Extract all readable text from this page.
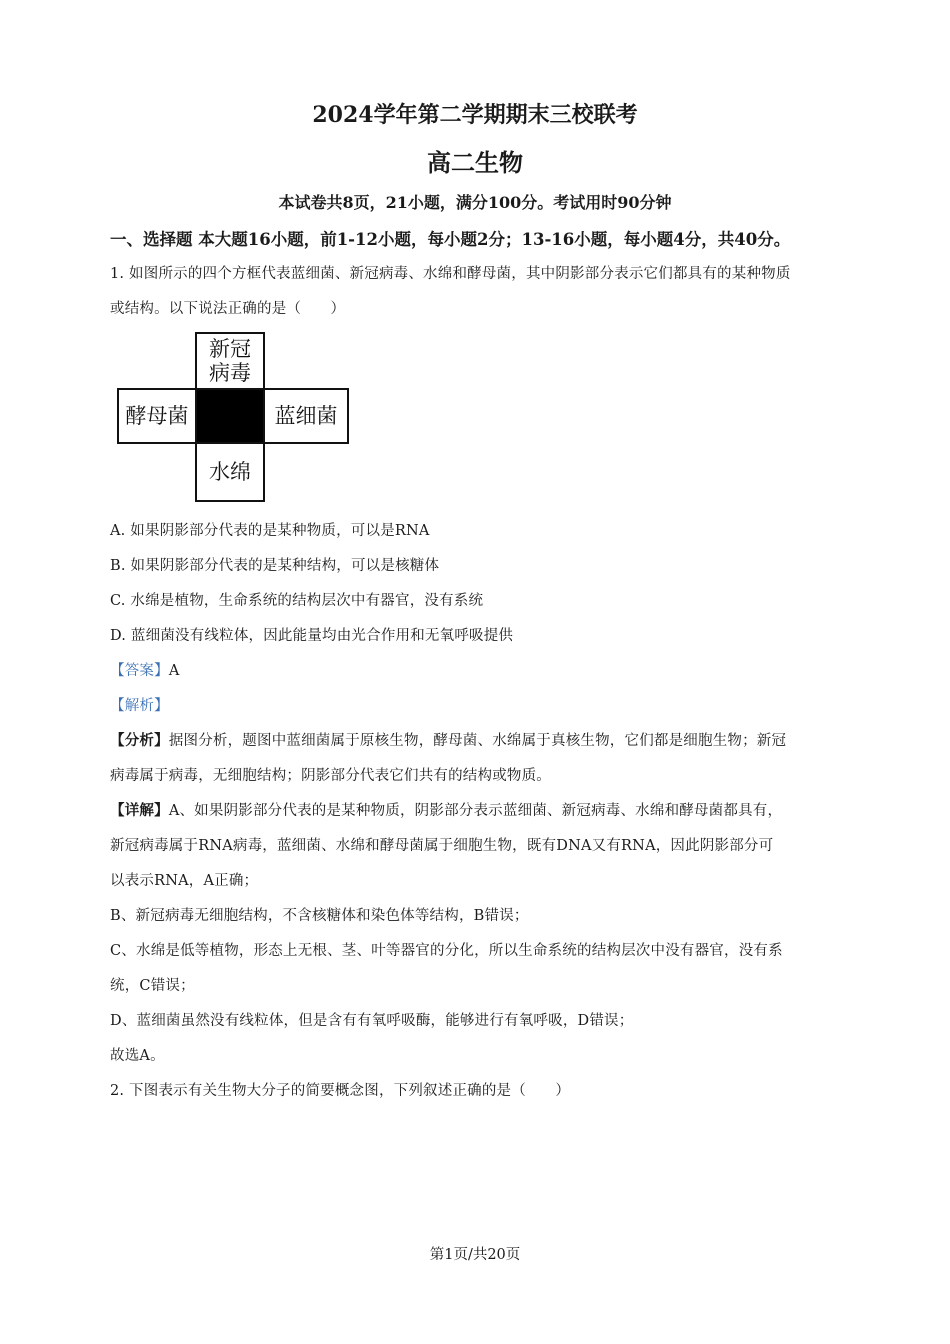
2024学年第二学期期末三校联考
高二生物
本试卷共8页，21小题，满分100分。考试用时90分钟
一、选择题 本大题16小题，前1-12小题，每小题2分；13-16小题，每小题4分，共40分。
1. 如图所示的四个方框代表蓝细菌、新冠病毒、水绵和酵母菌，其中阴影部分表示它们都具有的某种物质
或结构。以下说法正确的是（　　）
新冠
病毒
酵母菌	蓝细菌
水绵
A. 如果阴影部分代表的是某种物质，可以是RNA
B. 如果阴影部分代表的是某种结构，可以是核糖体
C. 水绵是植物，生命系统的结构层次中有器官，没有系统
D. 蓝细菌没有线粒体，因此能量均由光合作用和无氧呼吸提供
【答案】A
【解析】
【分析】据图分析，题图中蓝细菌属于原核生物，酵母菌、水绵属于真核生物，它们都是细胞生物；新冠
病毒属于病毒，无细胞结构；阴影部分代表它们共有的结构或物质。
【详解】A、如果阴影部分代表的是某种物质，阴影部分表示蓝细菌、新冠病毒、水绵和酵母菌都具有，
新冠病毒属于RNA病毒，蓝细菌、水绵和酵母菌属于细胞生物，既有DNA又有RNA，因此阴影部分可
以表示RNA，A正确；
B、新冠病毒无细胞结构，不含核糖体和染色体等结构，B错误；
C、水绵是低等植物，形态上无根、茎、叶等器官的分化，所以生命系统的结构层次中没有器官，没有系
统，C错误；
D、蓝细菌虽然没有线粒体，但是含有有氧呼吸酶，能够进行有氧呼吸，D错误；
故选A。
2. 下图表示有关生物大分子的简要概念图，下列叙述正确的是（　　）
第1页/共20页
